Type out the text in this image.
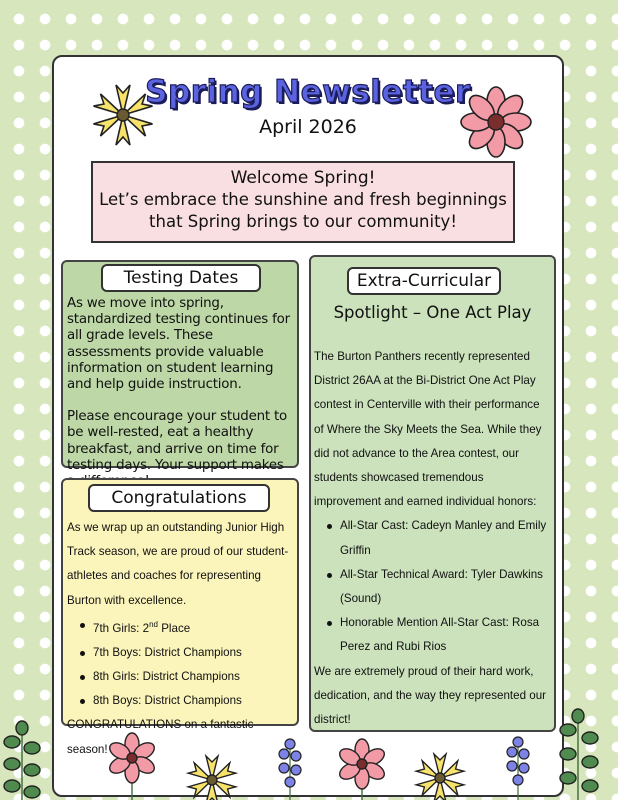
Spring Newsletter
April 2026
Welcome Spring!
Let’s embrace the sunshine and fresh beginnings that Spring brings to our community!
Testing Dates

As we move into spring, standardized testing continues for all grade levels. These assessments provide valuable information on student learning and help guide instruction.

Please encourage your student to be well-rested, eat a healthy breakfast, and arrive on time for testing days. Your support makes

Congratulations

As we wrap up an outstanding Junior High Track season, we are proud of our student-athletes and coaches for representing Burton with excellence.

7th Girls: 2nd Place
7th Boys: District Champions
8th Girls: District Champions
8th Boys: District Champions

CONGRATULATIONS on a fantastic season!

Extra-Curricular
Spotlight – One Act Play

The Burton Panthers recently represented District 26AA at the Bi-District One Act Play contest in Centerville with their performance of Where the Sky Meets the Sea. While they did not advance to the Area contest, our students showcased tremendous improvement and earned individual honors:

All-Star Cast: Cadeyn Manley and Emily Griffin
All-Star Technical Award: Tyler Dawkins (Sound)
Honorable Mention All-Star Cast: Rosa Perez and Rubi Rios

We are extremely proud of their hard work, dedication, and the way they represented our district!
